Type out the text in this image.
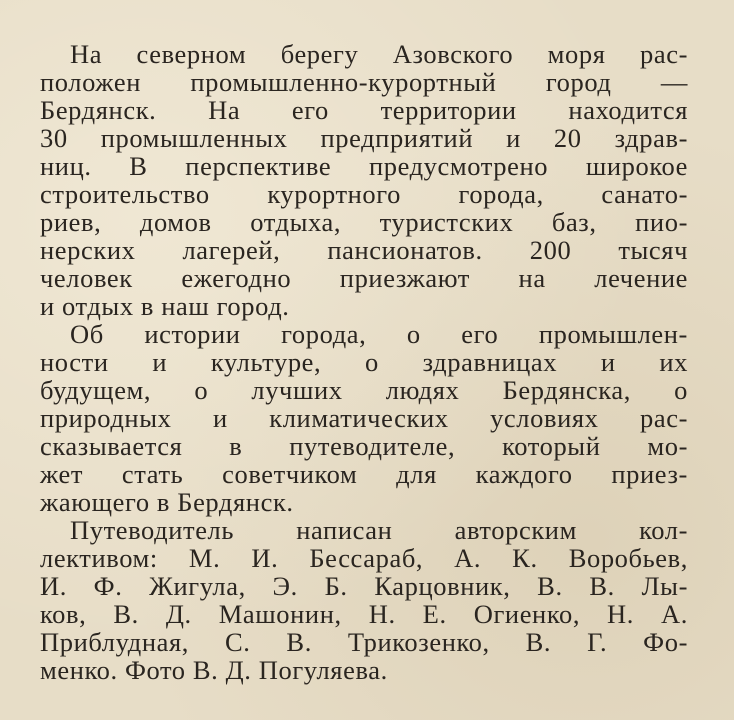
На северном берегу Азовского моря рас-
положен промышленно-курортный город —
Бердянск. На его территории находится
30 промышленных предприятий и 20 здрав-
ниц. В перспективе предусмотрено широкое
строительство курортного города, санато-
риев, домов отдыха, туристских баз, пио-
нерских лагерей, пансионатов. 200 тысяч
человек ежегодно приезжают на лечение
и отдых в наш город.
Об истории города, о его промышлен-
ности и культуре, о здравницах и их
будущем, о лучших людях Бердянска, о
природных и климатических условиях рас-
сказывается в путеводителе, который мо-
жет стать советчиком для каждого приез-
жающего в Бердянск.
Путеводитель написан авторским кол-
лективом: М. И. Бессараб, А. К. Воробьев,
И. Ф. Жигула, Э. Б. Карцовник, В. В. Лы-
ков, В. Д. Машонин, Н. Е. Огиенко, Н. А.
Приблудная, С. В. Трикозенко, В. Г. Фо-
менко. Фото В. Д. Погуляева.
